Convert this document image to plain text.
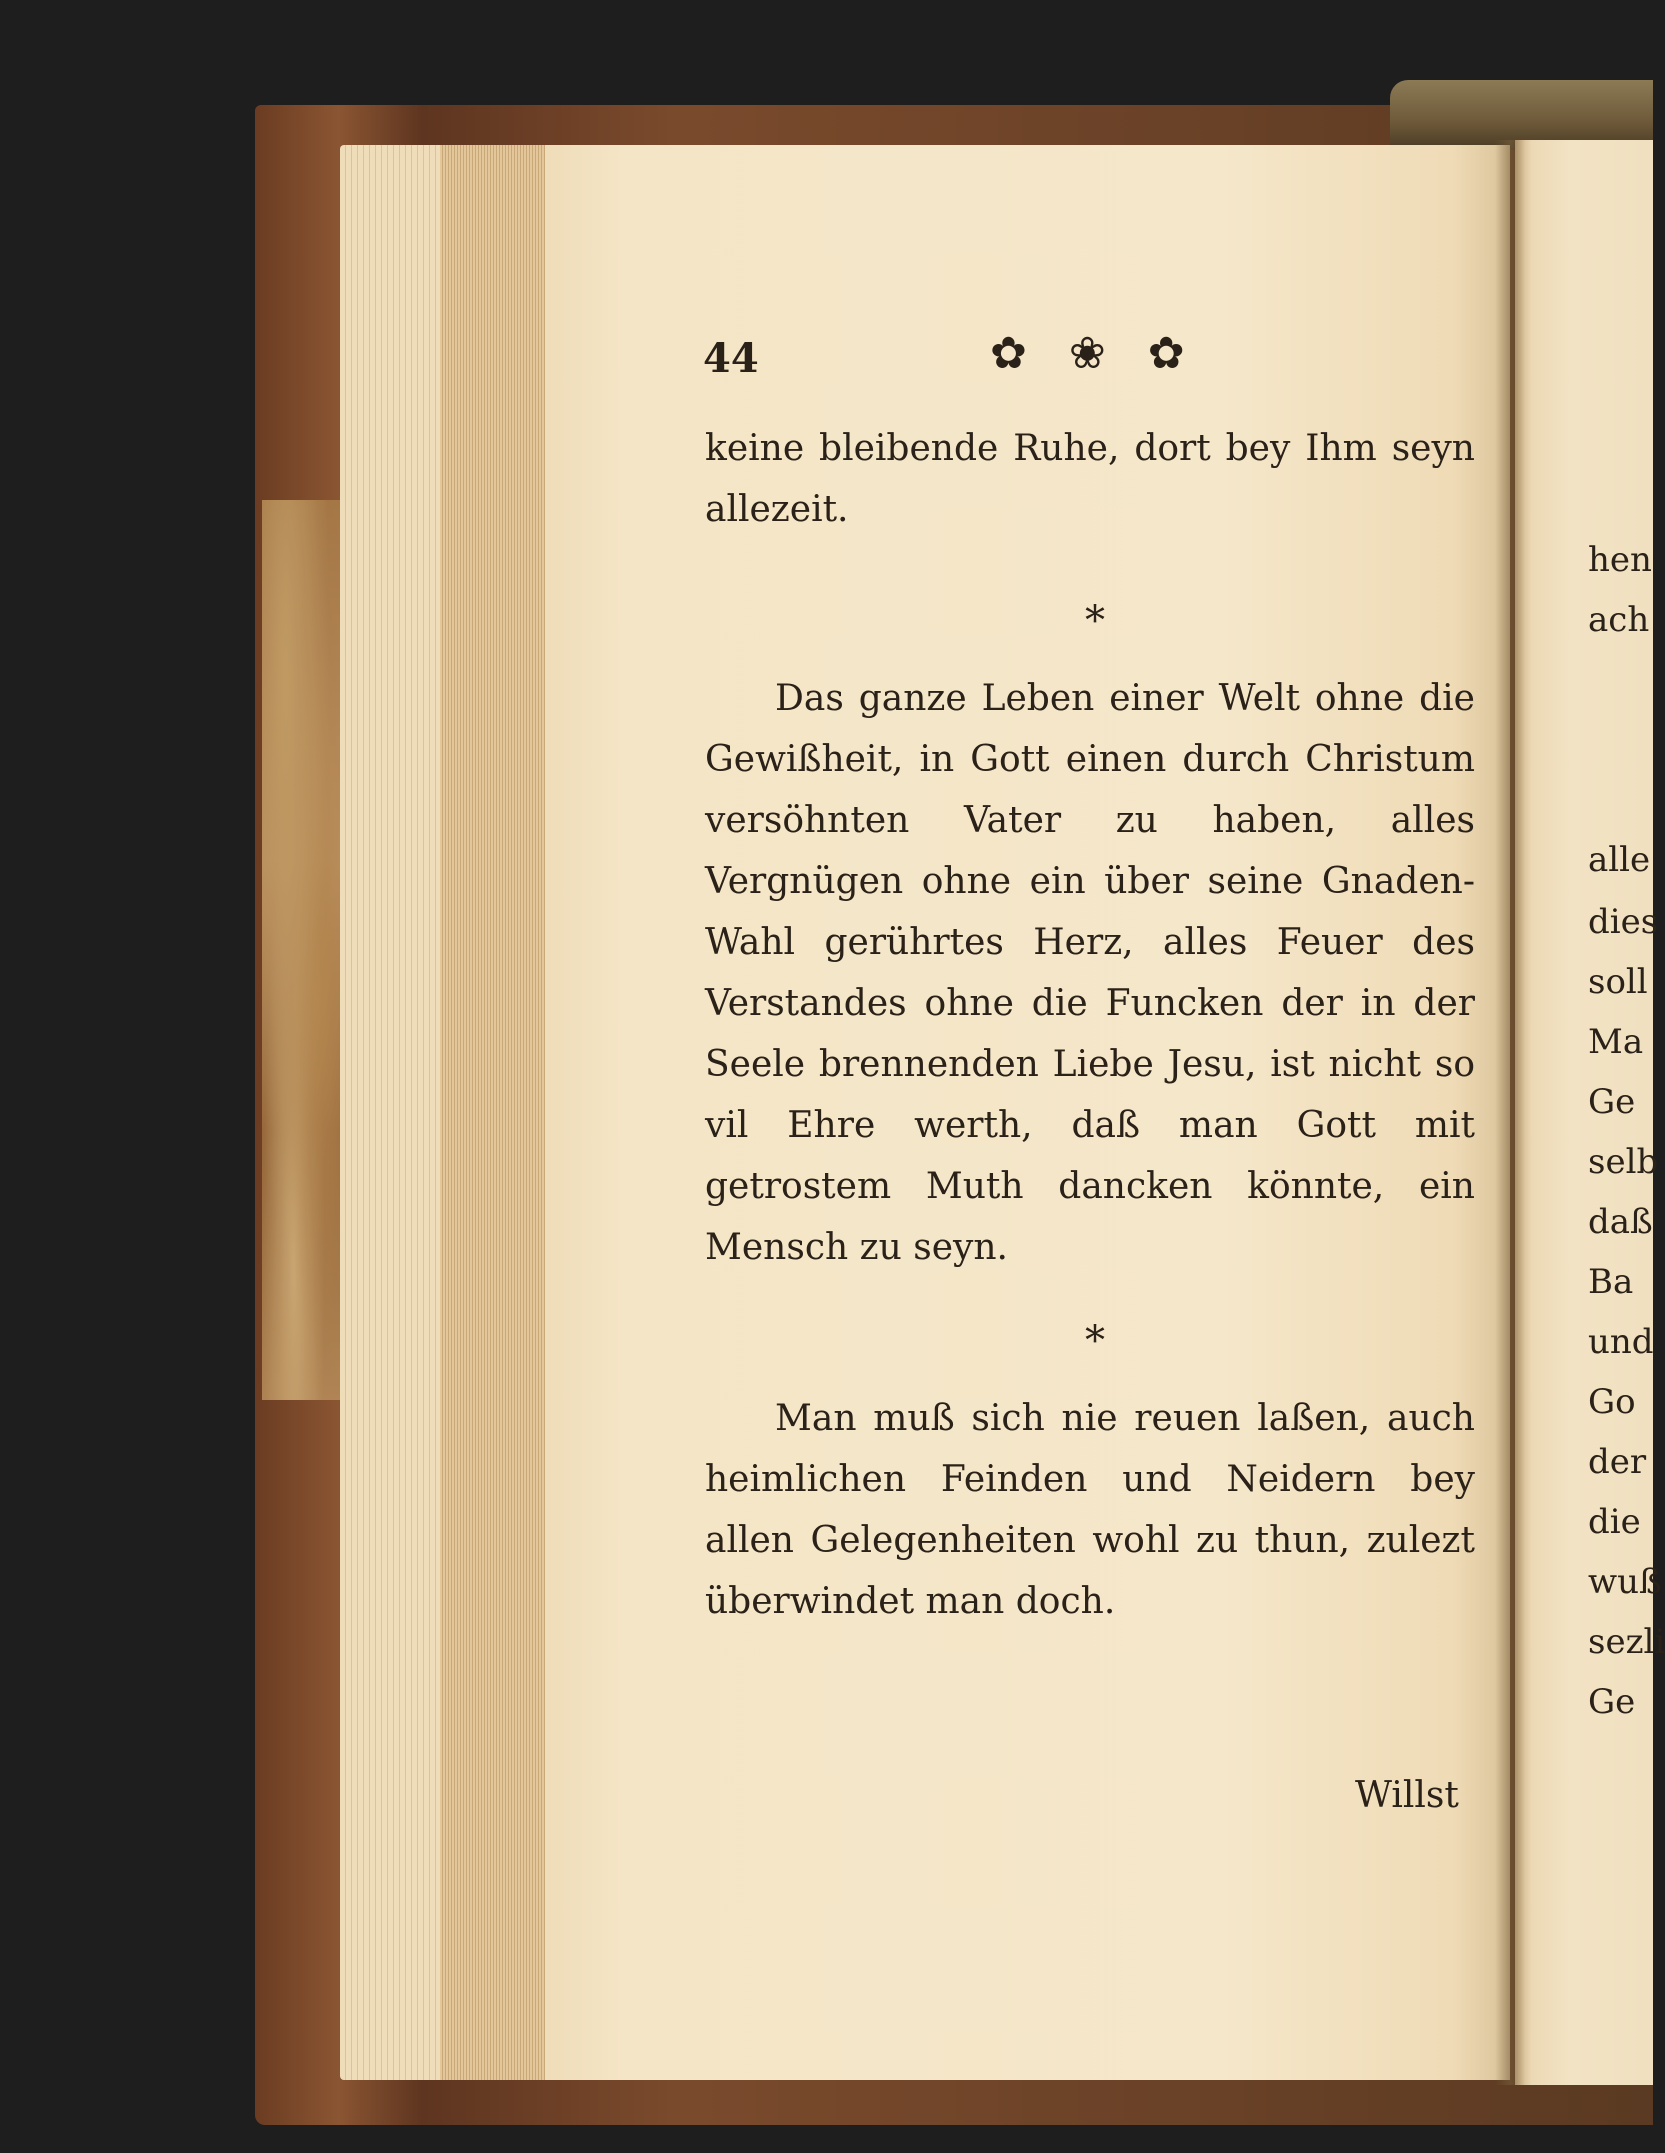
44	✿ ❀ ✿

keine bleibende Ruhe, dort bey Ihm seyn allezeit.

*

Das ganze Leben einer Welt ohne die Gewißheit, in Gott einen durch Christum versöhnten Vater zu haben, alles Vergnügen ohne ein über seine Gnaden-Wahl gerührtes Herz, alles Feuer des Verstandes ohne die Funcken der in der Seele brennenden Liebe Jesu, ist nicht so vil Ehre werth, daß man Gott mit getrostem Muth dancken könnte, ein Mensch zu seyn.

*

Man muß sich nie reuen laßen, auch heimlichen Feinden und Neidern bey allen Gelegenheiten wohl zu thun, zulezt überwindet man doch.

Willst

hen

ach

alle

dies

soll

Ma

Ge

selb

daß

Ba

und

Go

der

die

wuß

sezli

Ge
